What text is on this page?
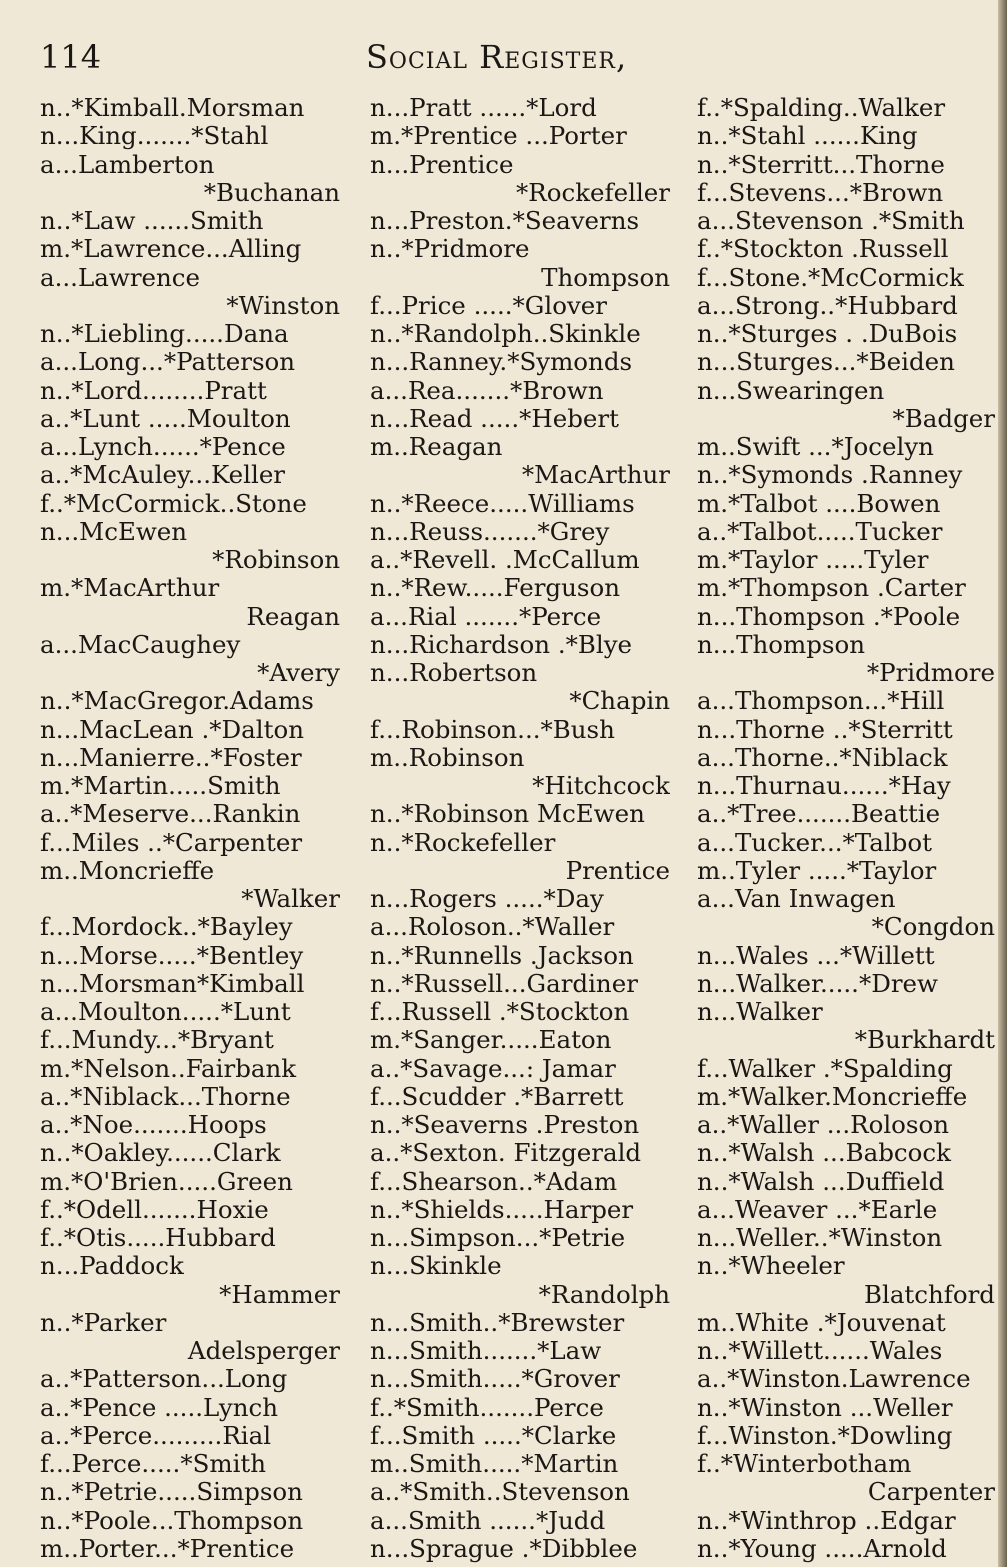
114	Social Register,
n..*Kimball.Morsman
n...King.......*Stahl
a...Lamberton
*Buchanan
n..*Law ......Smith
m.*Lawrence...Alling
a...Lawrence
*Winston
n..*Liebling.....Dana
a...Long...*Patterson
n..*Lord........Pratt
a..*Lunt .....Moulton
a...Lynch......*Pence
a..*McAuley...Keller
f..*McCormick..Stone
n...McEwen
*Robinson
m.*MacArthur
Reagan
a...MacCaughey
*Avery
n..*MacGregor.Adams
n...MacLean .*Dalton
n...Manierre..*Foster
m.*Martin.....Smith
a..*Meserve...Rankin
f...Miles ..*Carpenter
m..Moncrieffe
*Walker
f...Mordock..*Bayley
n...Morse.....*Bentley
n...Morsman*Kimball
a...Moulton.....*Lunt
f...Mundy...*Bryant
m.*Nelson..Fairbank
a..*Niblack...Thorne
a..*Noe.......Hoops
n..*Oakley......Clark
m.*O'Brien.....Green
f..*Odell.......Hoxie
f..*Otis.....Hubbard
n...Paddock
*Hammer
n..*Parker
Adelsperger
a..*Patterson...Long
a..*Pence .....Lynch
a..*Perce.........Rial
f...Perce.....*Smith
n..*Petrie.....Simpson
n..*Poole...Thompson
m..Porter...*Prentice
n...Pratt ......*Lord
m.*Prentice ...Porter
n...Prentice
*Rockefeller
n...Preston.*Seaverns
n..*Pridmore
Thompson
f...Price .....*Glover
n..*Randolph..Skinkle
n...Ranney.*Symonds
a...Rea.......*Brown
n...Read .....*Hebert
m..Reagan
*MacArthur
n..*Reece.....Williams
n...Reuss.......*Grey
a..*Revell. .McCallum
n..*Rew.....Ferguson
a...Rial .......*Perce
n...Richardson .*Blye
n...Robertson
*Chapin
f...Robinson...*Bush
m..Robinson
*Hitchcock
n..*Robinson McEwen
n..*Rockefeller
Prentice
n...Rogers .....*Day
a...Roloson..*Waller
n..*Runnells .Jackson
n..*Russell...Gardiner
f...Russell .*Stockton
m.*Sanger.....Eaton
a..*Savage...: Jamar
f...Scudder .*Barrett
n..*Seaverns .Preston
a..*Sexton. Fitzgerald
f...Shearson..*Adam
n..*Shields.....Harper
n...Simpson...*Petrie
n...Skinkle
*Randolph
n...Smith..*Brewster
n...Smith.......*Law
n...Smith.....*Grover
f..*Smith.......Perce
f...Smith .....*Clarke
m..Smith.....*Martin
a..*Smith..Stevenson
a...Smith ......*Judd
n...Sprague .*Dibblee
f..*Spalding..Walker
n..*Stahl ......King
n..*Sterritt...Thorne
f...Stevens...*Brown
a...Stevenson .*Smith
f..*Stockton .Russell
f...Stone.*McCormick
a...Strong..*Hubbard
n..*Sturges . .DuBois
n...Sturges...*Beiden
n...Swearingen
*Badger
m..Swift ...*Jocelyn
n..*Symonds .Ranney
m.*Talbot ....Bowen
a..*Talbot.....Tucker
m.*Taylor .....Tyler
m.*Thompson .Carter
n...Thompson .*Poole
n...Thompson
*Pridmore
a...Thompson...*Hill
n...Thorne ..*Sterritt
a...Thorne..*Niblack
n...Thurnau......*Hay
a..*Tree.......Beattie
a...Tucker...*Talbot
m..Tyler .....*Taylor
a...Van Inwagen
*Congdon
n...Wales ...*Willett
n...Walker.....*Drew
n...Walker
*Burkhardt
f...Walker .*Spalding
m.*Walker.Moncrieffe
a..*Waller ...Roloson
n..*Walsh ...Babcock
n..*Walsh ...Duffield
a...Weaver ...*Earle
n...Weller..*Winston
n..*Wheeler
Blatchford
m..White .*Jouvenat
n..*Willett......Wales
a..*Winston.Lawrence
n..*Winston ...Weller
f...Winston.*Dowling
f..*Winterbotham
Carpenter
n..*Winthrop ..Edgar
n..*Young .....Arnold
